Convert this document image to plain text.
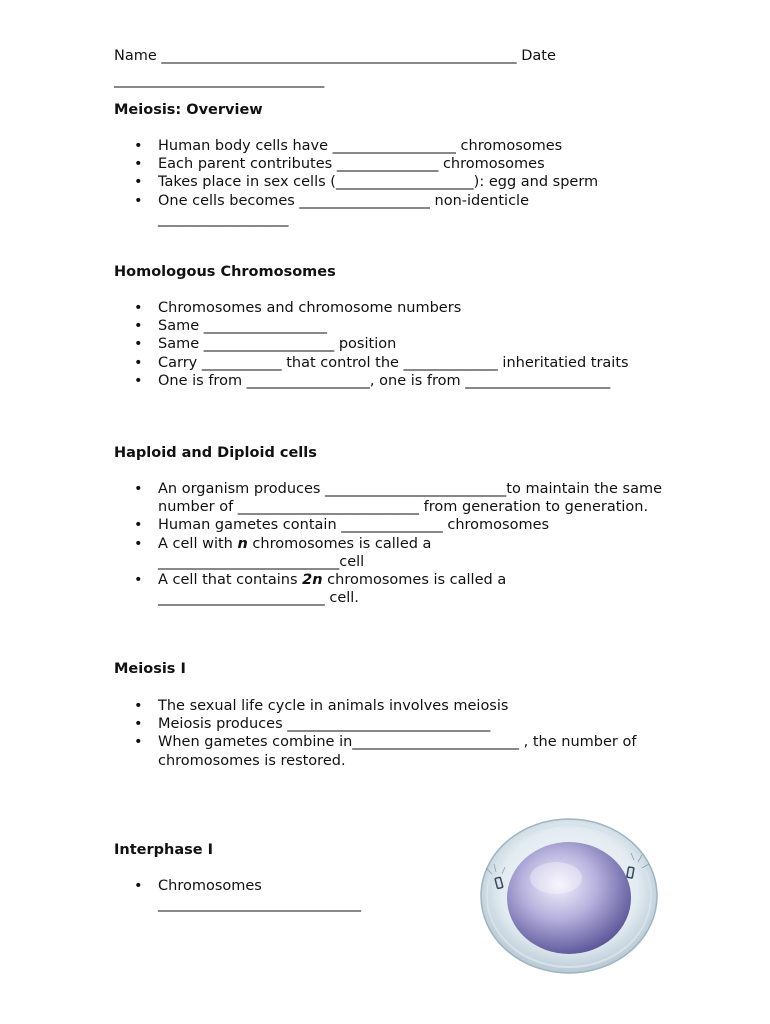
Name _________________________________________________ Date
_____________________________
Meiosis: Overview
• Human body cells have _________________ chromosomes
• Each parent contributes ______________ chromosomes
• Takes place in sex cells (___________________): egg and sperm
• One cells becomes __________________ non-identicle __________________
Homologous Chromosomes
• Chromosomes and chromosome numbers
• Same _________________
• Same __________________ position
• Carry ___________ that control the _____________ inheritatied traits
• One is from _________________, one is from ____________________
Haploid and Diploid cells
• An organism produces _________________________to maintain the same number of _________________________ from generation to generation.
• Human gametes contain ______________ chromosomes
• A cell with n chromosomes is called a _________________________cell
• A cell that contains 2n chromosomes is called a _______________________ cell.
Meiosis I
• The sexual life cycle in animals involves meiosis
• Meiosis produces ____________________________
• When gametes combine in_______________________ , the number of chromosomes is restored.
Interphase I
• Chromosomes ____________________________
